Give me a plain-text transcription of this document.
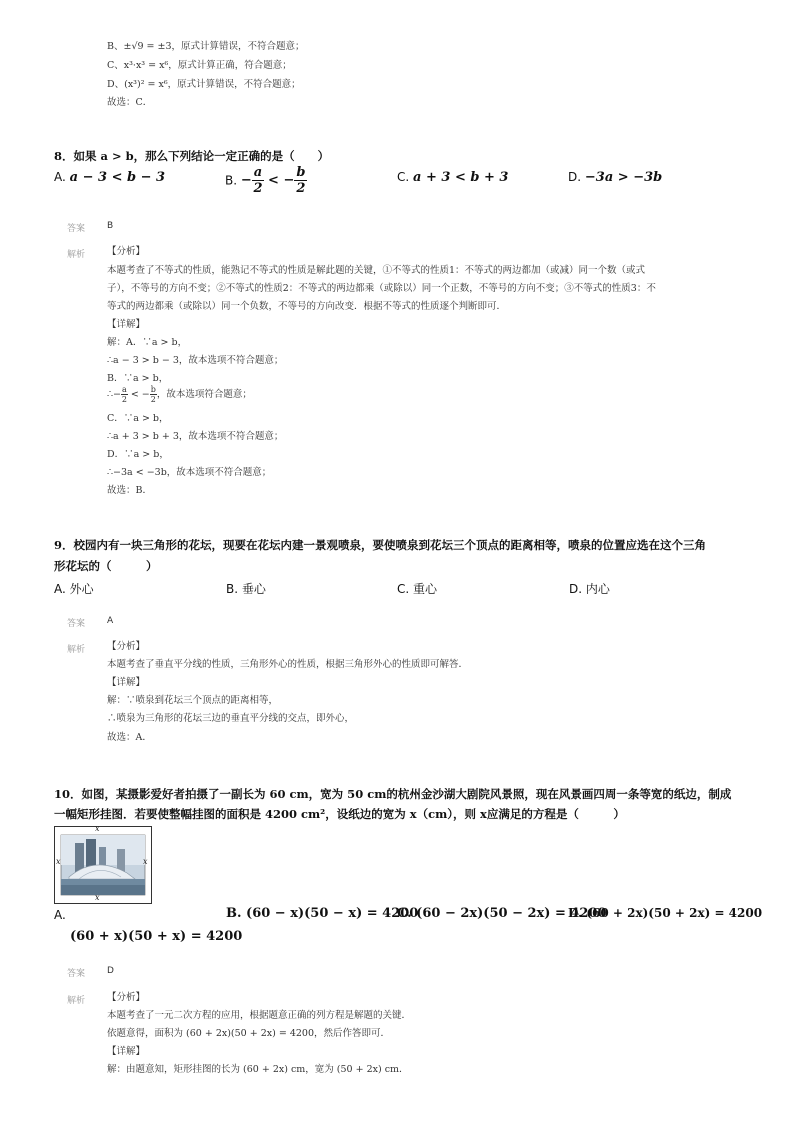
B、±√9 = ±3，原式计算错误，不符合题意；
C、x³·x³ = x⁶，原式计算正确，符合题意；
D、(x³)² = x⁶，原式计算错误，不符合题意；
故选：C．
8．如果 a > b，那么下列结论一定正确的是（　　）
A. a − 3 < b − 3	B. − $\frac{a}{2}$ < − $\frac{b}{2}$	C. a + 3 < b + 3	D. −3a > −3b
答案 B
解析 【分析】
本题考查了不等式的性质，能熟记不等式的性质是解此题的关键，①不等式的性质1：不等式的两边都加（或减）同一个数（或式
子），不等号的方向不变；②不等式的性质2：不等式的两边都乘（或除以）同一个正数，不等号的方向不变；③不等式的性质3：不
等式的两边都乘（或除以）同一个负数，不等号的方向改变．根据不等式的性质逐个判断即可．
【详解】
解：A．∵a > b，
∴a − 3 > b − 3，故本选项不符合题意；
B．∵a > b，
∴− $\frac{a}{2}$ < − $\frac{b}{2}$ ，故本选项符合题意；
C．∵a > b，
∴a + 3 > b + 3，故本选项不符合题意；
D．∵a > b，
∴−3a < −3b，故本选项不符合题意；
故选：B．
9．校园内有一块三角形的花坛，现要在花坛内建一景观喷泉，要使喷泉到花坛三个顶点的距离相等，喷泉的位置应选在这个三角
形花坛的（　　　）
A. 外心	B. 垂心	C. 重心	D. 内心
答案 A
解析 【分析】
本题考查了垂直平分线的性质，三角形外心的性质，根据三角形外心的性质即可解答．
【详解】
解：∵喷泉到花坛三个顶点的距离相等，
∴喷泉为三角形的花坛三边的垂直平分线的交点，即外心，
故选：A．
10．如图，某摄影爱好者拍摄了一副长为 60 cm，宽为 50 cm的杭州金沙湖大剧院风景照，现在风景画四周一条等宽的纸边，制成
一幅矩形挂图．若要使整幅挂图的面积是 4200 cm²，设纸边的宽为 x（cm），则 x应满足的方程是（　　　）
x
x
x	x
A.	B. (60 − x)(50 − x) = 4200
C. (60 − 2x)(50 − 2x) = 4200
D. (60 + 2x)(50 + 2x) = 4200
(60 + x)(50 + x) = 4200
答案 D
解析 【分析】
本题考查了一元二次方程的应用，根据题意正确的列方程是解题的关键．
依题意得，面积为 (60 + 2x)(50 + 2x) = 4200，然后作答即可．
【详解】
解：由题意知，矩形挂图的长为 (60 + 2x) cm，宽为 (50 + 2x) cm．
